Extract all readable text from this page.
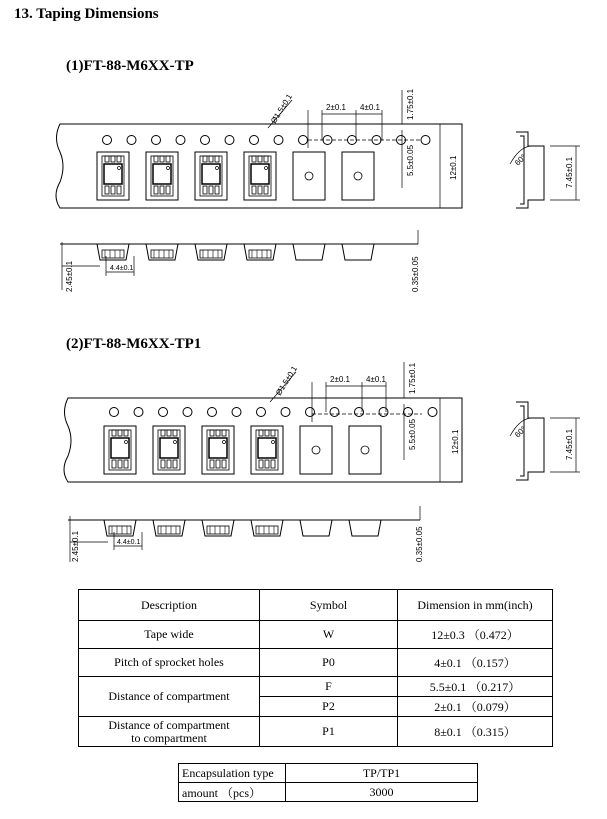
13. Taping Dimensions
(1)FT-88-M6XX-TP
(2)FT-88-M6XX-TP1
2±0.1 4±0.1
Ø1.5±0.1	1.75±0.1
5.5±0.05	12±0.1	60°	7.45±0.1
4.4±0.1
2.45±0.1	0.35±0.05
2±0.1 4±0.1
Ø1.5±0.1	1.75±0.1
5.5±0.05	12±0.1	60°	7.45±0.1
4.4±0.1
2.45±0.1	0.35±0.05
Description	Symbol	Dimension in mm(inch)
Tape wide	W	12±0.3 （0.472）
Pitch of sprocket holes	P0	4±0.1 （0.157）
Distance of compartment	F	5.5±0.1 （0.217）
	P2	2±0.1 （0.079）

Distance of compartment
to compartment	P1	8±0.1 （0.315）
Encapsulation type	TP/TP1
amount （pcs）	3000
